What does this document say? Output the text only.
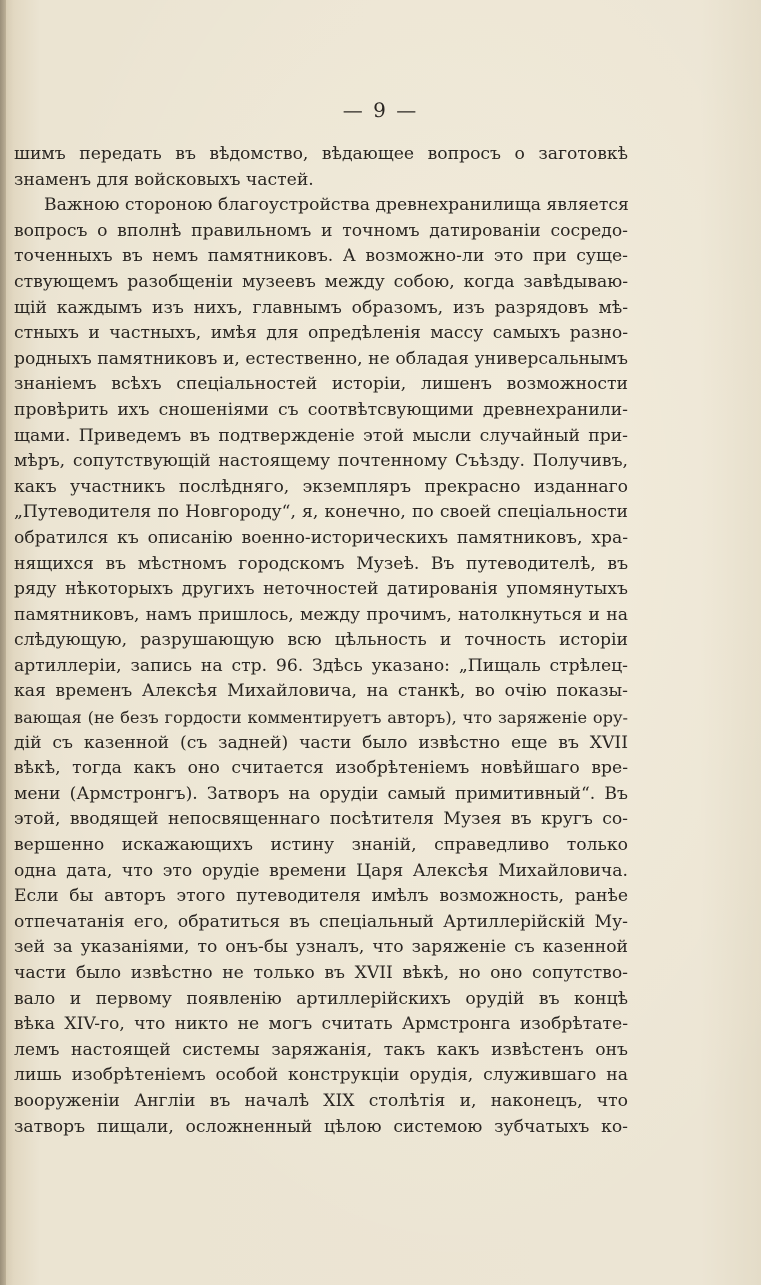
— 9 —
шимъ передать въ вѣдомство, вѣдающее вопросъ о заготовкѣ
знаменъ для войсковыхъ частей.
Важною стороною благоустройства древнехранилища является
вопросъ о вполнѣ правильномъ и точномъ датированіи сосредо-
точенныхъ въ немъ памятниковъ. А возможно-ли это при суще-
ствующемъ разобщеніи музеевъ между собою, когда завѣдываю-
щій каждымъ изъ нихъ, главнымъ образомъ, изъ разрядовъ мѣ-
стныхъ и частныхъ, имѣя для опредѣленія массу самыхъ разно-
родныхъ памятниковъ и, естественно, не обладая универсальнымъ
знаніемъ всѣхъ спеціальностей исторіи, лишенъ возможности
провѣрить ихъ сношеніями съ соотвѣтсвующими древнехранили-
щами. Приведемъ въ подтвержденіе этой мысли случайный при-
мѣръ, сопутствующій настоящему почтенному Съѣзду. Получивъ,
какъ участникъ послѣдняго, экземпляръ прекрасно изданнаго
„Путеводителя по Новгороду“, я, конечно, по своей спеціальности
обратился къ описанію военно-историческихъ памятниковъ, хра-
нящихся въ мѣстномъ городскомъ Музеѣ. Въ путеводителѣ, въ
ряду нѣкоторыхъ другихъ неточностей датированія упомянутыхъ
памятниковъ, намъ пришлось, между прочимъ, натолкнуться и на
слѣдующую, разрушающую всю цѣльность и точность исторіи
артиллеріи, запись на стр. 96. Здѣсь указано: „Пищаль стрѣлец-
кая временъ Алексѣя Михайловича, на станкѣ, во очію показы-
вающая (не безъ гордости комментируетъ авторъ), что заряженіе ору-
дій съ казенной (съ задней) части было извѣстно еще въ XVII
вѣкѣ, тогда какъ оно считается изобрѣтеніемъ новѣйшаго вре-
мени (Армстронгъ). Затворъ на орудіи самый примитивный“. Въ
этой, вводящей непосвященнаго посѣтителя Музея въ кругъ со-
вершенно искажающихъ истину знаній, справедливо только
одна дата, что это орудіе времени Царя Алексѣя Михайловича.
Если бы авторъ этого путеводителя имѣлъ возможность, ранѣе
отпечатанія его, обратиться въ спеціальный Артиллерійскій Му-
зей за указаніями, то онъ-бы узналъ, что заряженіе съ казенной
части было извѣстно не только въ XVII вѣкѣ, но оно сопутство-
вало и первому появленію артиллерійскихъ орудій въ концѣ
вѣка XIV-го, что никто не могъ считать Армстронга изобрѣтате-
лемъ настоящей системы заряжанія, такъ какъ извѣстенъ онъ
лишь изобрѣтеніемъ особой конструкціи орудія, служившаго на
вооруженіи Англіи въ началѣ XIX столѣтія и, наконецъ, что
затворъ пищали, осложненный цѣлою системою зубчатыхъ ко-
